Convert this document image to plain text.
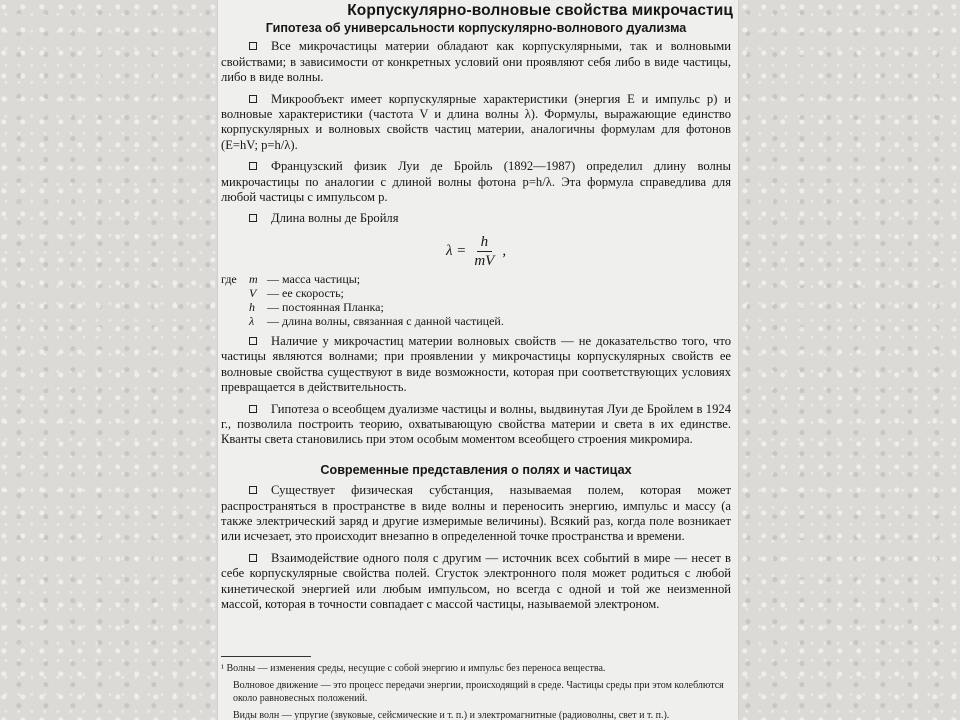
Корпускулярно-волновые свойства микрочастиц
Гипотеза об универсальности корпускулярно-волнового дуализма

Все микрочастицы материи обладают как корпускулярными, так и волновыми свойствами; в зависимости от конкретных условий они проявляют себя либо в виде частицы, либо в виде волны.

Микрообъект имеет корпускулярные характеристики (энергия E и импульс p) и волновые характеристики (частота V и длина волны λ). Формулы, выражающие единство корпускулярных и волновых свойств частиц материи, аналогичны формулам для фотонов (E=hV; p=h/λ).

Французский физик Луи де Бройль (1892—1987) определил длину волны микрочастицы по аналогии с длиной волны фотона p=h/λ. Эта формула справедлива для любой частицы с импульсом p.

Длина волны де Бройля

$\lambda = \frac{h}{mV}$ ,
где	m — масса частицы;
V — ее скорость;
h	— постоянная Планка;
λ	— длина волны, связанная с данной частицей.

Наличие у микрочастиц материи волновых свойств — не доказательство того, что частицы являются волнами; при проявлении у микрочастицы корпускулярных свойств ее волновые свойства существуют в виде возможности, которая при соответствующих условиях превращается в действительность.

Гипотеза о всеобщем дуализме частицы и волны, выдвинутая Луи де Бройлем в 1924 г., позволила построить теорию, охватывающую свойства материи и света в их единстве. Кванты света становились при этом особым моментом всеобщего строения микромира.

Современные представления о полях и частицах

Существует физическая субстанция, называемая полем, которая может распространяться в пространстве в виде волны и переносить энергию, импульс и массу (а также электрический заряд и другие измеримые величины). Всякий раз, когда поле возникает или исчезает, это происходит внезапно в определенной точке пространства и времени.

Взаимодействие одного поля с другим — источник всех событий в мире — несет в себе корпускулярные свойства полей. Сгусток электронного поля может родиться с любой кинетической энергией или любым импульсом, но всегда с одной и той же неизменной массой, которая в точности совпадает с массой частицы, называемой электроном.

¹ Волны — изменения среды, несущие с собой энергию и импульс без переноса вещества.
Волновое движение — это процесс передачи энергии, происходящий в среде. Частицы среды при этом колеблются около равновесных положений.
Виды волн — упругие (звуковые, сейсмические и т. п.) и электромагнитные (радиоволны, свет и т. п.).
